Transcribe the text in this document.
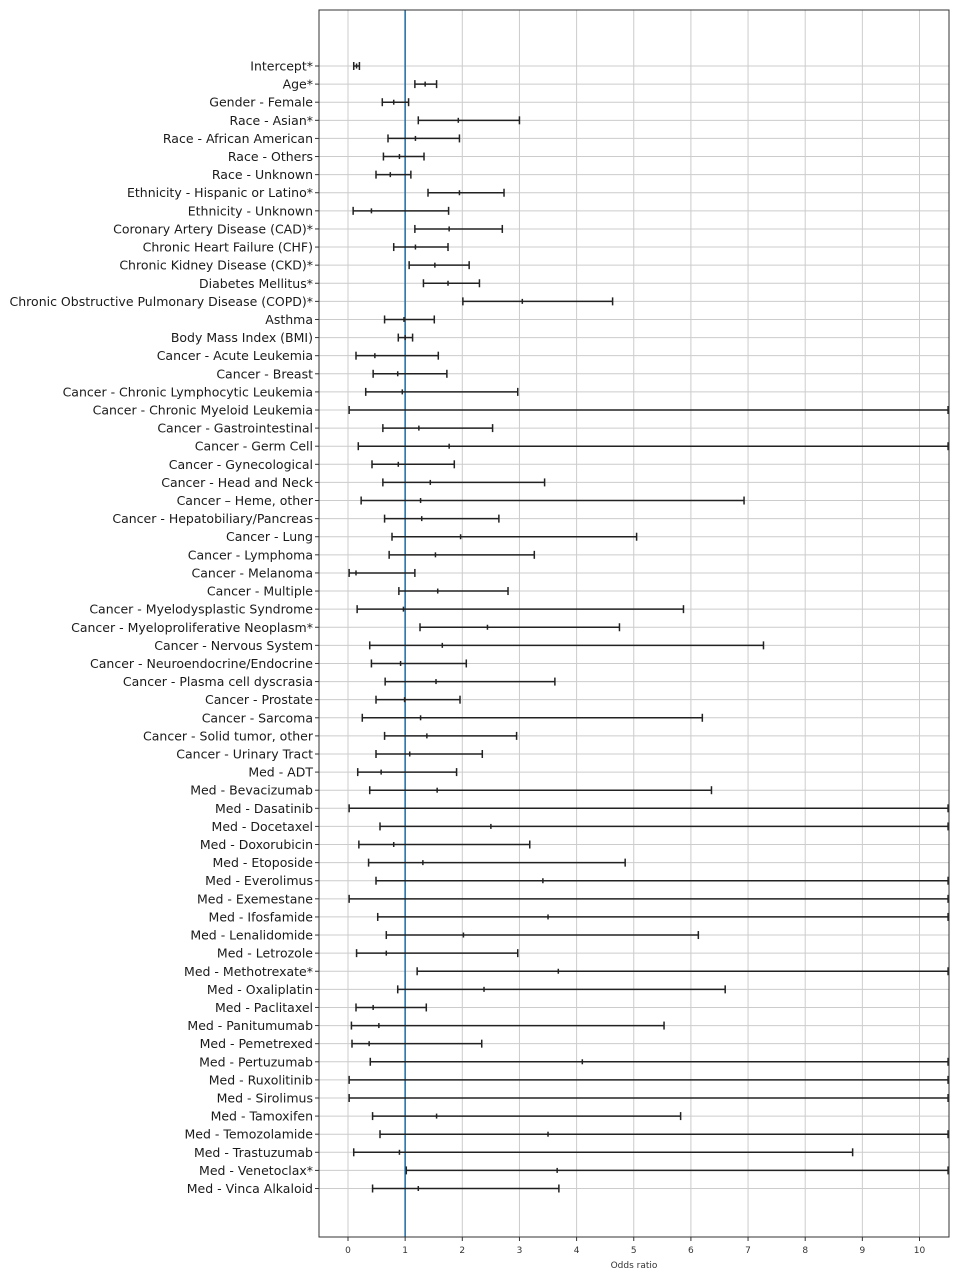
Intercept*
Age*
Gender - Female
Race - Asian*
Race - African American
Race - Others
Race - Unknown
Ethnicity - Hispanic or Latino*
Ethnicity - Unknown
Coronary Artery Disease (CAD)*
Chronic Heart Failure (CHF)
Chronic Kidney Disease (CKD)*
Diabetes Mellitus*
Chronic Obstructive Pulmonary Disease (COPD)*
Asthma
Body Mass Index (BMI)
Cancer - Acute Leukemia
Cancer - Breast
Cancer - Chronic Lymphocytic Leukemia
Cancer - Chronic Myeloid Leukemia
Cancer - Gastrointestinal
Cancer - Germ Cell
Cancer - Gynecological
Cancer - Head and Neck
Cancer – Heme, other
Cancer - Hepatobiliary/Pancreas
Cancer - Lung
Cancer - Lymphoma
Cancer - Melanoma
Cancer - Multiple
Cancer - Myelodysplastic Syndrome
Cancer - Myeloproliferative Neoplasm*
Cancer - Nervous System
Cancer - Neuroendocrine/Endocrine
Cancer - Plasma cell dyscrasia
Cancer - Prostate
Cancer - Sarcoma
Cancer - Solid tumor, other
Cancer - Urinary Tract
Med - ADT
Med - Bevacizumab
Med - Dasatinib
Med - Docetaxel
Med - Doxorubicin
Med - Etoposide
Med - Everolimus
Med - Exemestane
Med - Ifosfamide
Med - Lenalidomide
Med - Letrozole
Med - Methotrexate*
Med - Oxaliplatin
Med - Paclitaxel
Med - Panitumumab
Med - Pemetrexed
Med - Pertuzumab
Med - Ruxolitinib
Med - Sirolimus
Med - Tamoxifen
Med - Temozolamide
Med - Trastuzumab
Med - Venetoclax*
Med - Vinca Alkaloid
0	1	2	3	4	5	6	7	8	9	10
Odds ratio
